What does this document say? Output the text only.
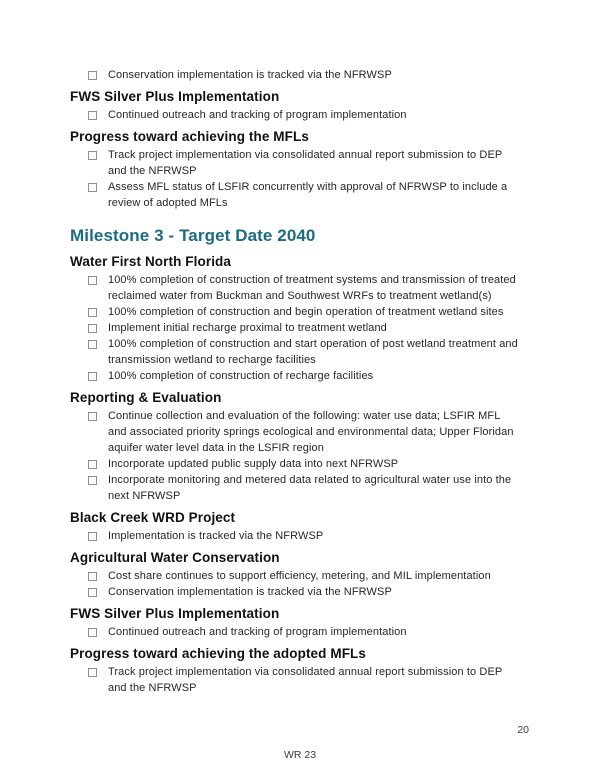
Conservation implementation is tracked via the NFRWSP
FWS Silver Plus Implementation
Continued outreach and tracking of program implementation
Progress toward achieving the MFLs
Track project implementation via consolidated annual report submission to DEP and the NFRWSP
Assess MFL status of LSFIR concurrently with approval of NFRWSP to include a review of adopted MFLs
Milestone 3 - Target Date 2040
Water First North Florida
100% completion of construction of treatment systems and transmission of treated reclaimed water from Buckman and Southwest WRFs to treatment wetland(s)
100% completion of construction and begin operation of treatment wetland sites
Implement initial recharge proximal to treatment wetland
100% completion of construction and start operation of post wetland treatment and transmission wetland to recharge facilities
100% completion of construction of recharge facilities
Reporting & Evaluation
Continue collection and evaluation of the following: water use data; LSFIR MFL and associated priority springs ecological and environmental data; Upper Floridan aquifer water level data in the LSFIR region
Incorporate updated public supply data into next NFRWSP
Incorporate monitoring and metered data related to agricultural water use into the next NFRWSP
Black Creek WRD Project
Implementation is tracked via the NFRWSP
Agricultural Water Conservation
Cost share continues to support efficiency, metering, and MIL implementation
Conservation implementation is tracked via the NFRWSP
FWS Silver Plus Implementation
Continued outreach and tracking of program implementation
Progress toward achieving the adopted MFLs
Track project implementation via consolidated annual report submission to DEP and the NFRWSP
20
WR 23
